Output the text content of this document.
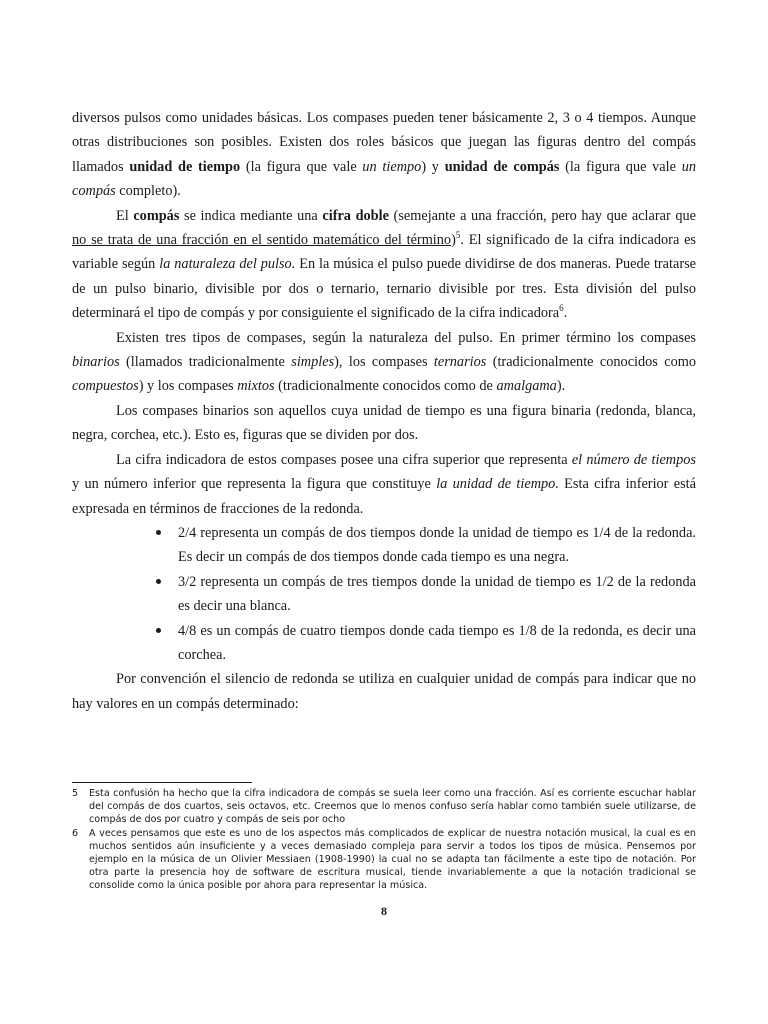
diversos pulsos como unidades básicas. Los compases pueden tener básicamente 2, 3 o 4 tiempos. Aunque otras distribuciones son posibles. Existen dos roles básicos que juegan las figuras dentro del compás llamados unidad de tiempo (la figura que vale un tiempo) y unidad de compás (la figura que vale un compás completo).

El compás se indica mediante una cifra doble (semejante a una fracción, pero hay que aclarar que no se trata de una fracción en el sentido matemático del término)$^5$. El significado de la cifra indicadora es variable según la naturaleza del pulso. En la música el pulso puede dividirse de dos maneras. Puede tratarse de un pulso binario, divisible por dos o ternario, ternario divisible por tres. Esta división del pulso determinará el tipo de compás y por consiguiente el significado de la cifra indicadora$^6$.

Existen tres tipos de compases, según la naturaleza del pulso. En primer término los compases binarios (llamados tradicionalmente simples), los compases ternarios (tradicionalmente conocidos como compuestos) y los compases mixtos (tradicionalmente conocidos como de amalgama).

Los compases binarios son aquellos cuya unidad de tiempo es una figura binaria (redonda, blanca, negra, corchea, etc.). Esto es, figuras que se dividen por dos.

La cifra indicadora de estos compases posee una cifra superior que representa el número de tiempos y un número inferior que representa la figura que constituye la unidad de tiempo. Esta cifra inferior está expresada en términos de fracciones de la redonda.

2/4 representa un compás de dos tiempos donde la unidad de tiempo es 1/4 de la redonda. Es decir un compás de dos tiempos donde cada tiempo es una negra.
3/2 representa un compás de tres tiempos donde la unidad de tiempo es 1/2 de la redonda es decir una blanca.
4/8 es un compás de cuatro tiempos donde cada tiempo es 1/8 de la redonda, es decir una corchea.

Por convención el silencio de redonda se utiliza en cualquier unidad de compás para indicar que no hay valores en un compás determinado:

5 Esta confusión ha hecho que la cifra indicadora de compás se suela leer como una fracción. Así es corriente escuchar hablar del compás de dos cuartos, seis octavos, etc. Creemos que lo menos confuso sería hablar como también suele utilizarse, de compás de dos por cuatro y compás de seis por ocho
6 A veces pensamos que este es uno de los aspectos más complicados de explicar de nuestra notación musical, la cual es en muchos sentidos aún insuficiente y a veces demasiado compleja para servir a todos los tipos de música. Pensemos por ejemplo en la música de un Olivier Messiaen (1908-1990) la cual no se adapta tan fácilmente a este tipo de notación. Por otra parte la presencia hoy de software de escritura musical, tiende invariablemente a que la notación tradicional se consolide como la única posible por ahora para representar la música.
8
